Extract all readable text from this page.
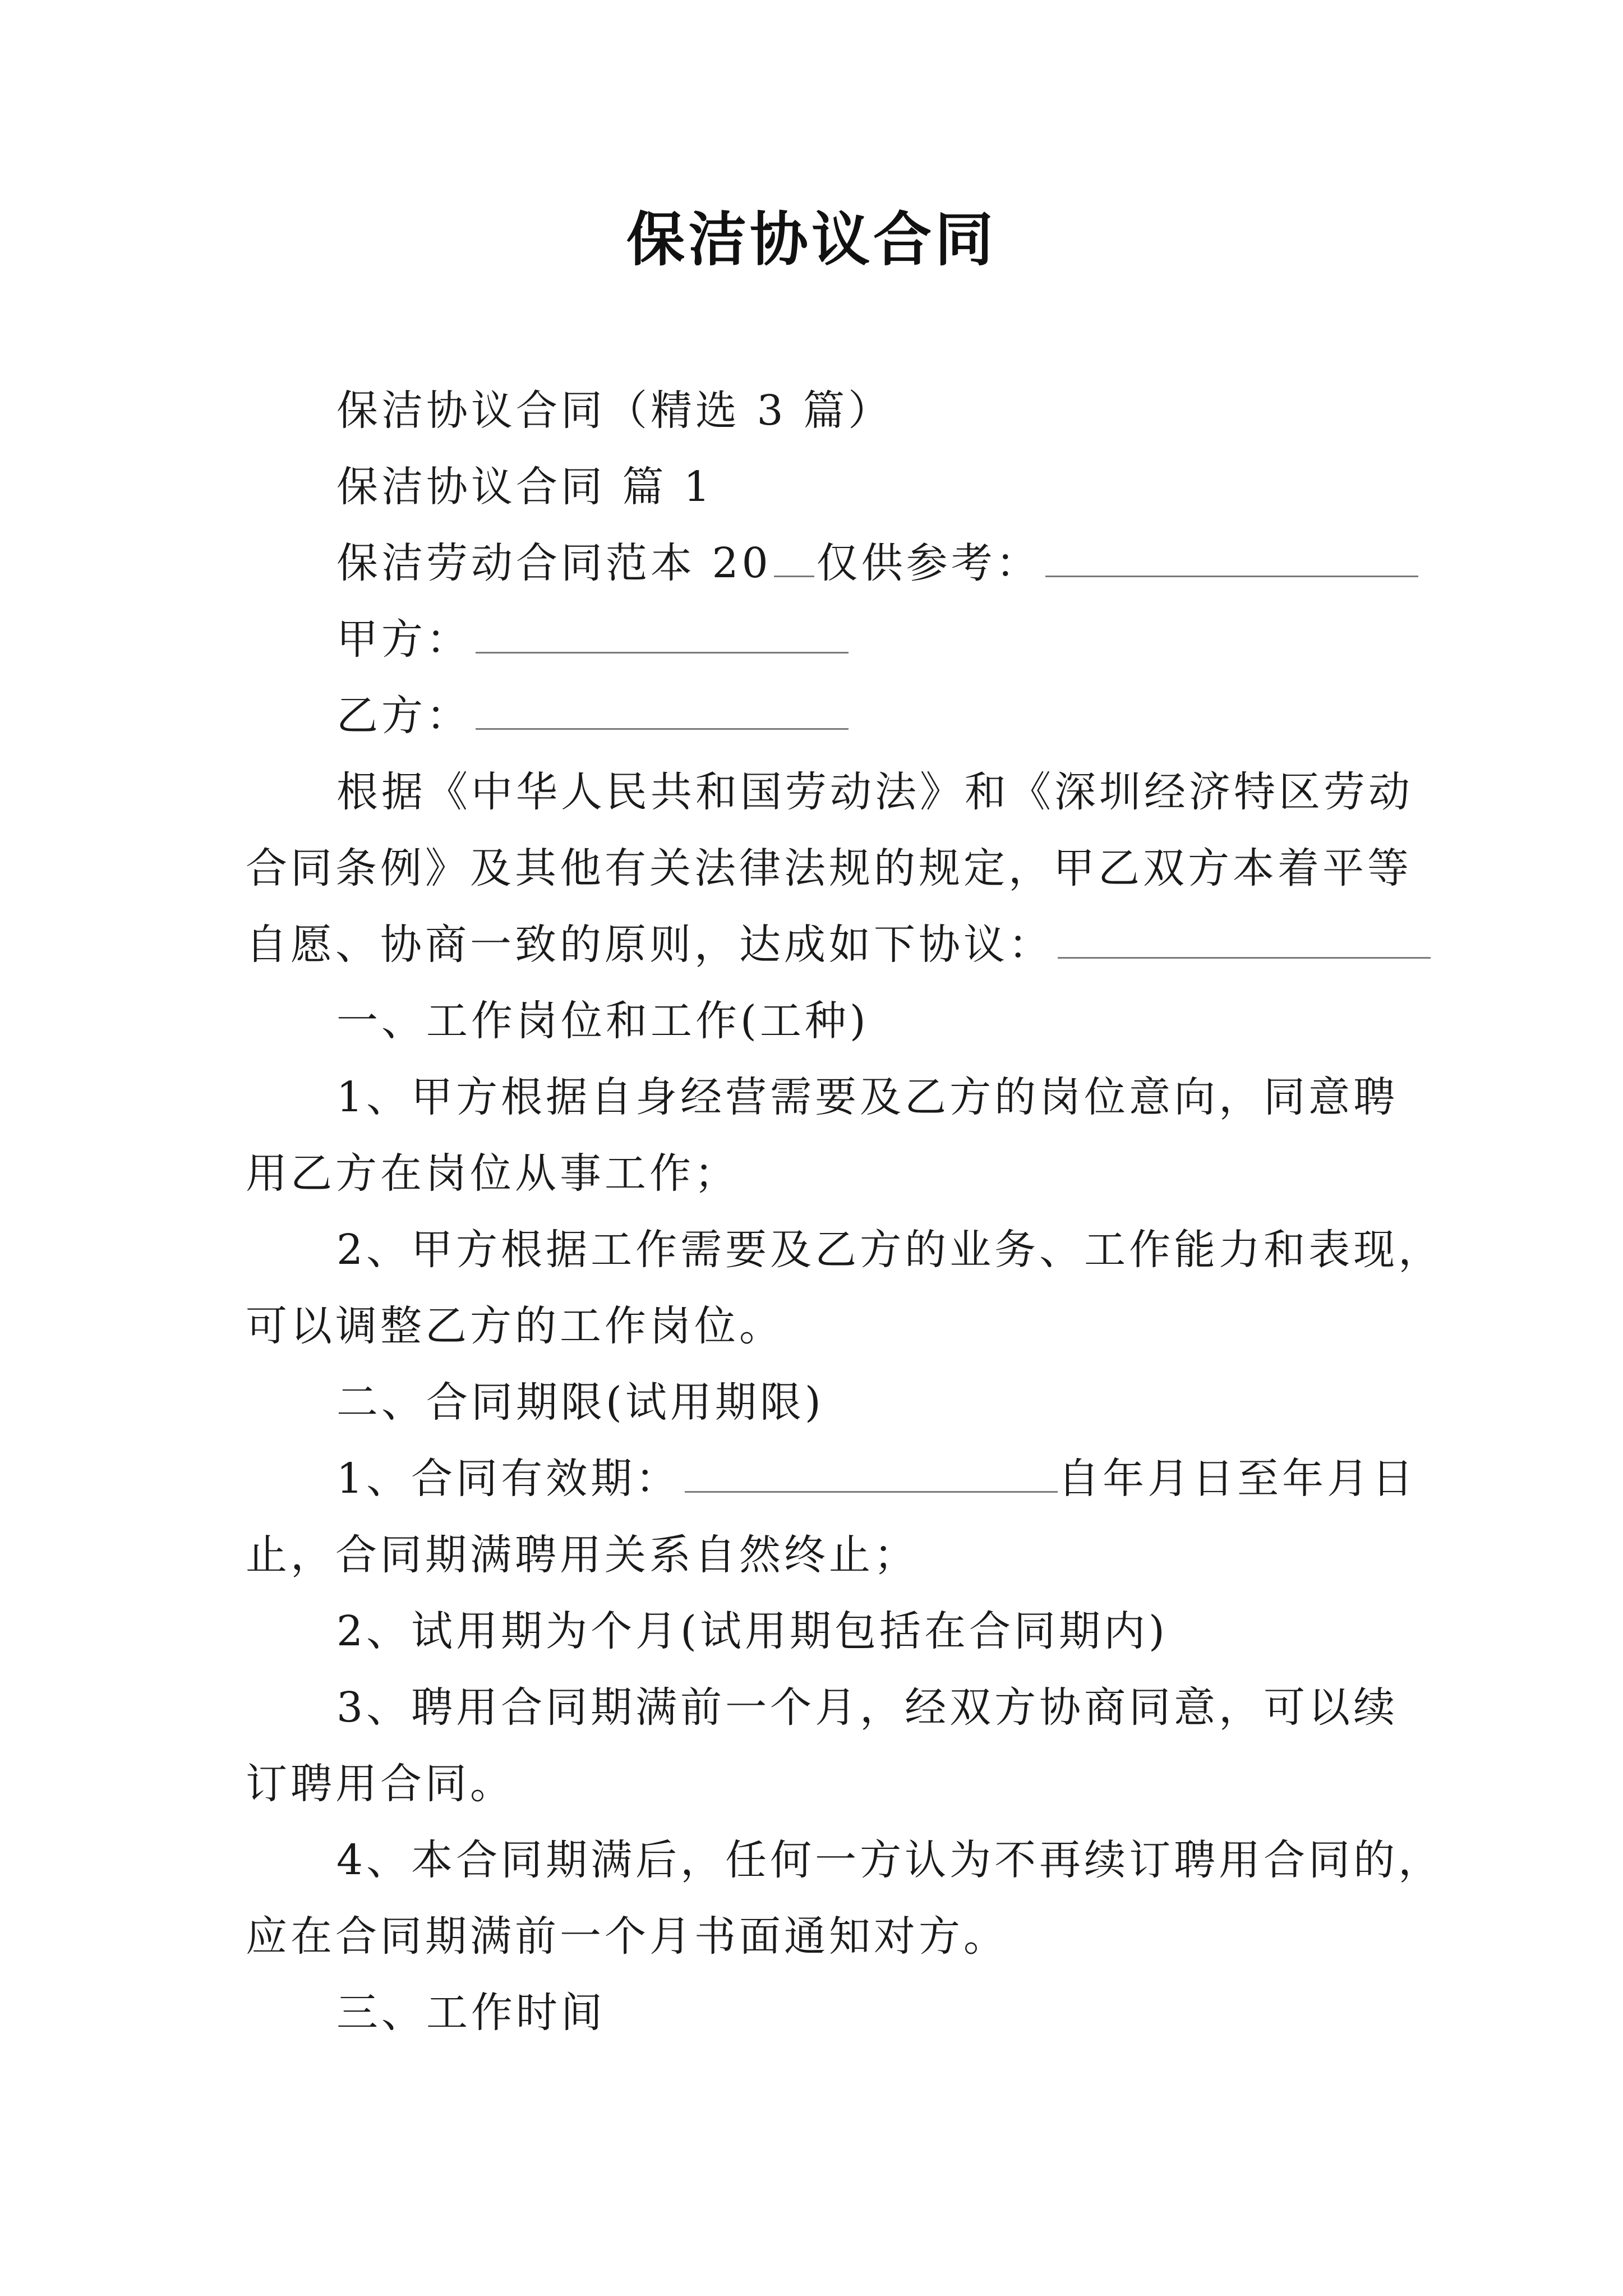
保洁协议合同
保洁协议合同（精选 3 篇）
保洁协议合同 篇 1
保洁劳动合同范本 20 仅供参考：
甲方：
乙方：
根据《中华人民共和国劳动法》和《深圳经济特区劳动
合同条例》及其他有关法律法规的规定，甲乙双方本着平等
自愿、协商一致的原则，达成如下协议：
一、工作岗位和工作(工种)
1、甲方根据自身经营需要及乙方的岗位意向，同意聘
用乙方在岗位从事工作；
2、甲方根据工作需要及乙方的业务、工作能力和表现，
可以调整乙方的工作岗位。
二、合同期限(试用期限)
1、合同有效期：	自年月日至年月日
止，合同期满聘用关系自然终止；
2、试用期为个月(试用期包括在合同期内)
3、聘用合同期满前一个月，经双方协商同意，可以续
订聘用合同。
4、本合同期满后，任何一方认为不再续订聘用合同的，
应在合同期满前一个月书面通知对方。
三、工作时间
